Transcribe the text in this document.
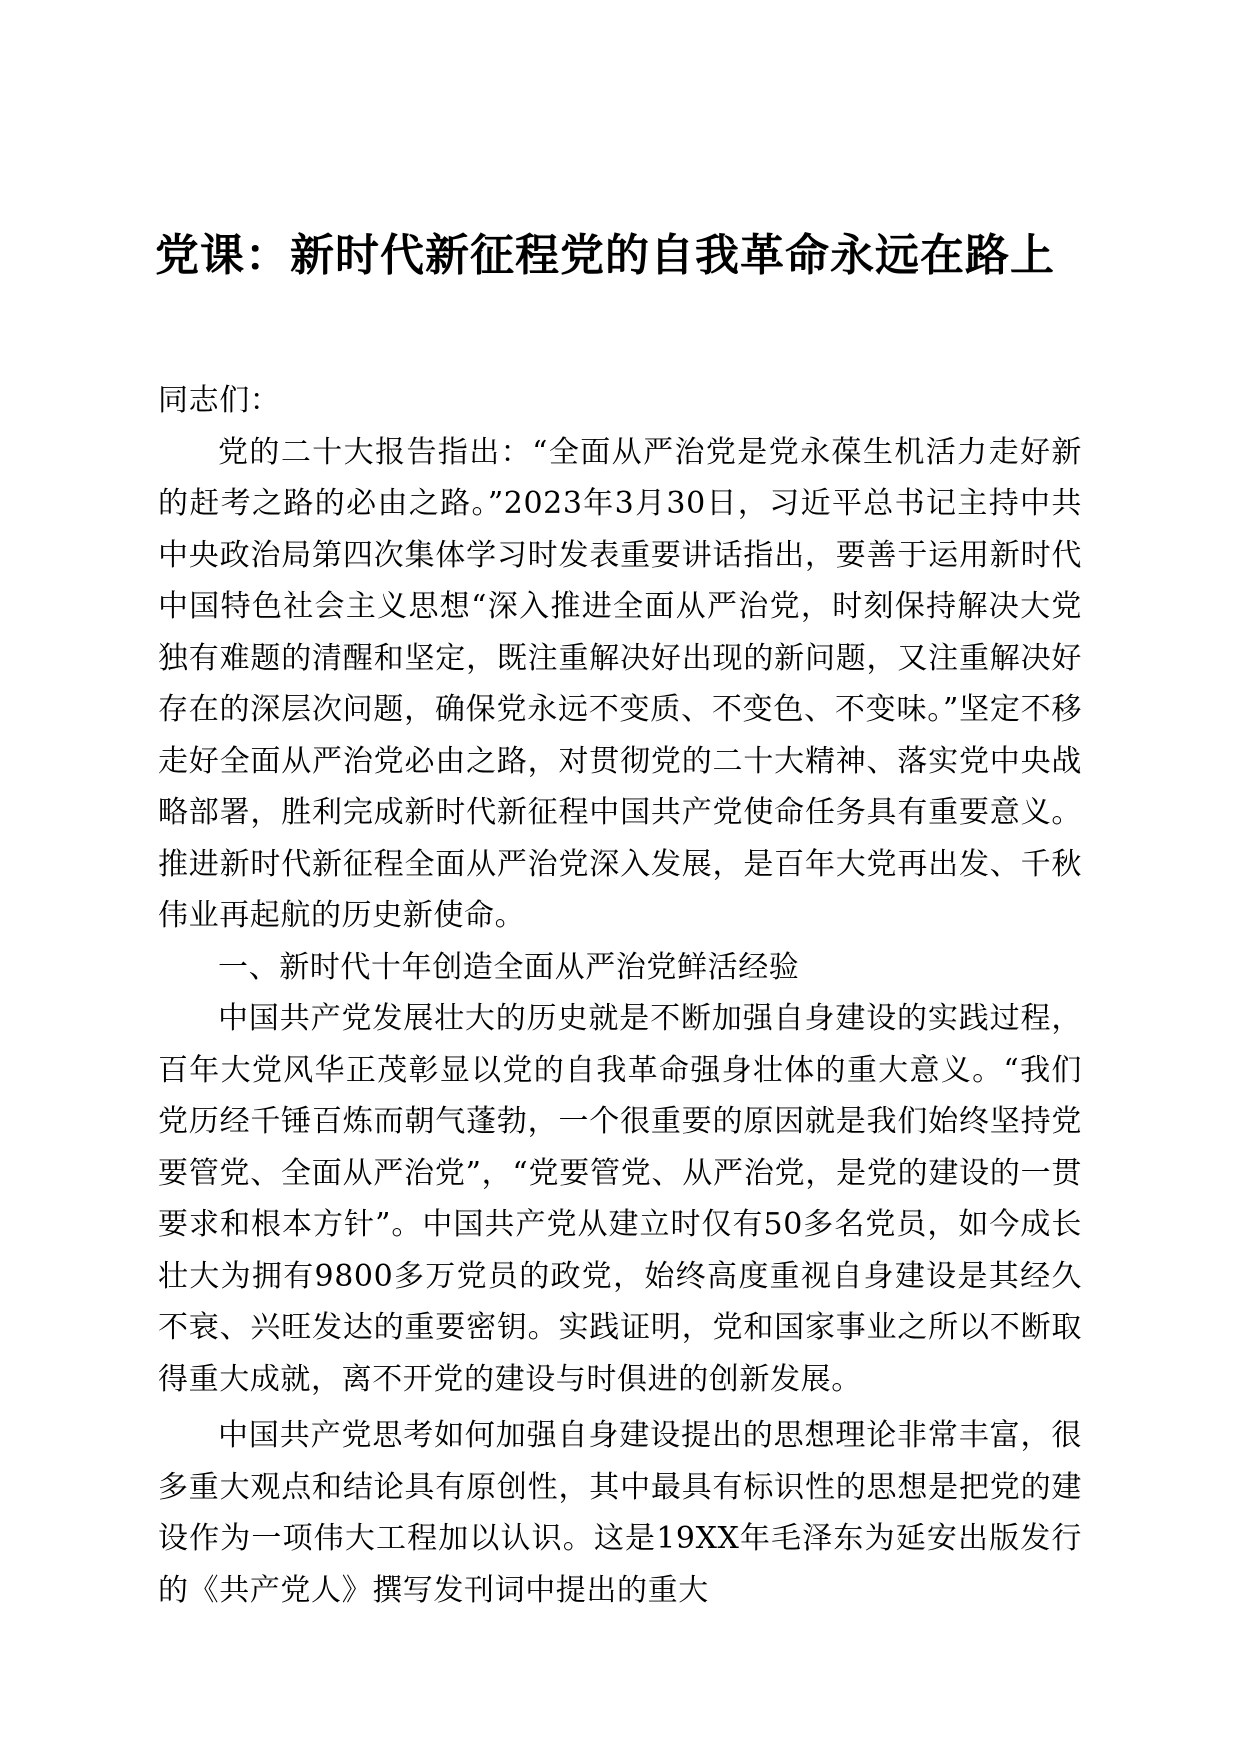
党课：新时代新征程党的自我革命永远在路上

同志们：

党的二十大报告指出：“全面从严治党是党永葆生机活力走好新的赶考之路的必由之路。”2023年3月30日，习近平总书记主持中共中央政治局第四次集体学习时发表重要讲话指出，要善于运用新时代中国特色社会主义思想“深入推进全面从严治党，时刻保持解决大党独有难题的清醒和坚定，既注重解决好出现的新问题，又注重解决好存在的深层次问题，确保党永远不变质、不变色、不变味。”坚定不移走好全面从严治党必由之路，对贯彻党的二十大精神、落实党中央战略部署，胜利完成新时代新征程中国共产党使命任务具有重要意义。推进新时代新征程全面从严治党深入发展，是百年大党再出发、千秋伟业再起航的历史新使命。

一、新时代十年创造全面从严治党鲜活经验

中国共产党发展壮大的历史就是不断加强自身建设的实践过程，百年大党风华正茂彰显以党的自我革命强身壮体的重大意义。“我们党历经千锤百炼而朝气蓬勃，一个很重要的原因就是我们始终坚持党要管党、全面从严治党”，“党要管党、从严治党，是党的建设的一贯要求和根本方针”。中国共产党从建立时仅有50多名党员，如今成长壮大为拥有9800多万党员的政党，始终高度重视自身建设是其经久不衰、兴旺发达的重要密钥。实践证明，党和国家事业之所以不断取得重大成就，离不开党的建设与时俱进的创新发展。

中国共产党思考如何加强自身建设提出的思想理论非常丰富，很多重大观点和结论具有原创性，其中最具有标识性的思想是把党的建设作为一项伟大工程加以认识。这是19XX年毛泽东为延安出版发行的《共产党人》撰写发刊词中提出的重大
